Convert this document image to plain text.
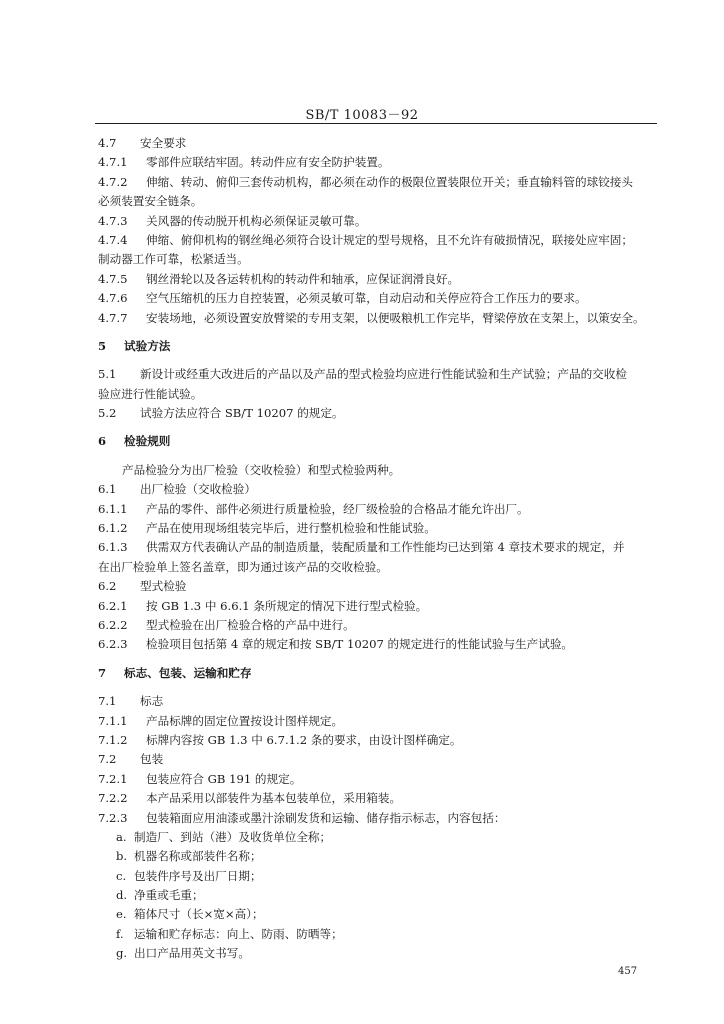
SB/T 10083－92
4.7 安全要求
4.7.1 零部件应联结牢固。转动件应有安全防护装置。
4.7.2 伸缩、转动、俯仰三套传动机构，都必须在动作的极限位置装限位开关；垂直输料管的球铰接头
必须装置安全链条。
4.7.3 关风器的传动脱开机构必须保证灵敏可靠。
4.7.4 伸缩、俯仰机构的钢丝绳必须符合设计规定的型号规格，且不允许有破损情况，联接处应牢固；
制动器工作可靠，松紧适当。
4.7.5 钢丝滑轮以及各运转机构的转动件和轴承，应保证润滑良好。
4.7.6 空气压缩机的压力自控装置，必须灵敏可靠，自动启动和关停应符合工作压力的要求。
4.7.7 安装场地，必须设置安放臂梁的专用支架，以便吸粮机工作完毕，臂梁停放在支架上，以策安全。
5 试验方法
5.1 新设计或经重大改进后的产品以及产品的型式检验均应进行性能试验和生产试验；产品的交收检
验应进行性能试验。
5.2 试验方法应符合 SB/T 10207 的规定。
6 检验规则
产品检验分为出厂检验（交收检验）和型式检验两种。
6.1 出厂检验（交收检验）
6.1.1 产品的零件、部件必须进行质量检验，经厂级检验的合格品才能允许出厂。
6.1.2 产品在使用现场组装完毕后，进行整机检验和性能试验。
6.1.3 供需双方代表确认产品的制造质量，装配质量和工作性能均已达到第 4 章技术要求的规定，并
在出厂检验单上签名盖章，即为通过该产品的交收检验。
6.2 型式检验
6.2.1 按 GB 1.3 中 6.6.1 条所规定的情况下进行型式检验。
6.2.2 型式检验在出厂检验合格的产品中进行。
6.2.3 检验项目包括第 4 章的规定和按 SB/T 10207 的规定进行的性能试验与生产试验。
7 标志、包装、运输和贮存
7.1 标志
7.1.1 产品标牌的固定位置按设计图样规定。
7.1.2 标牌内容按 GB 1.3 中 6.7.1.2 条的要求，由设计图样确定。
7.2 包装
7.2.1 包装应符合 GB 191 的规定。
7.2.2 本产品采用以部装件为基本包装单位，采用箱装。
7.2.3 包装箱面应用油漆或墨汁涂刷发货和运输、储存指示标志，内容包括：
a. 制造厂、到站（港）及收货单位全称；
b. 机器名称或部装件名称；
c. 包装件序号及出厂日期；
d. 净重或毛重；
e. 箱体尺寸（长×宽×高）；
f. 运输和贮存标志：向上、防雨、防晒等；
g. 出口产品用英文书写。
457
